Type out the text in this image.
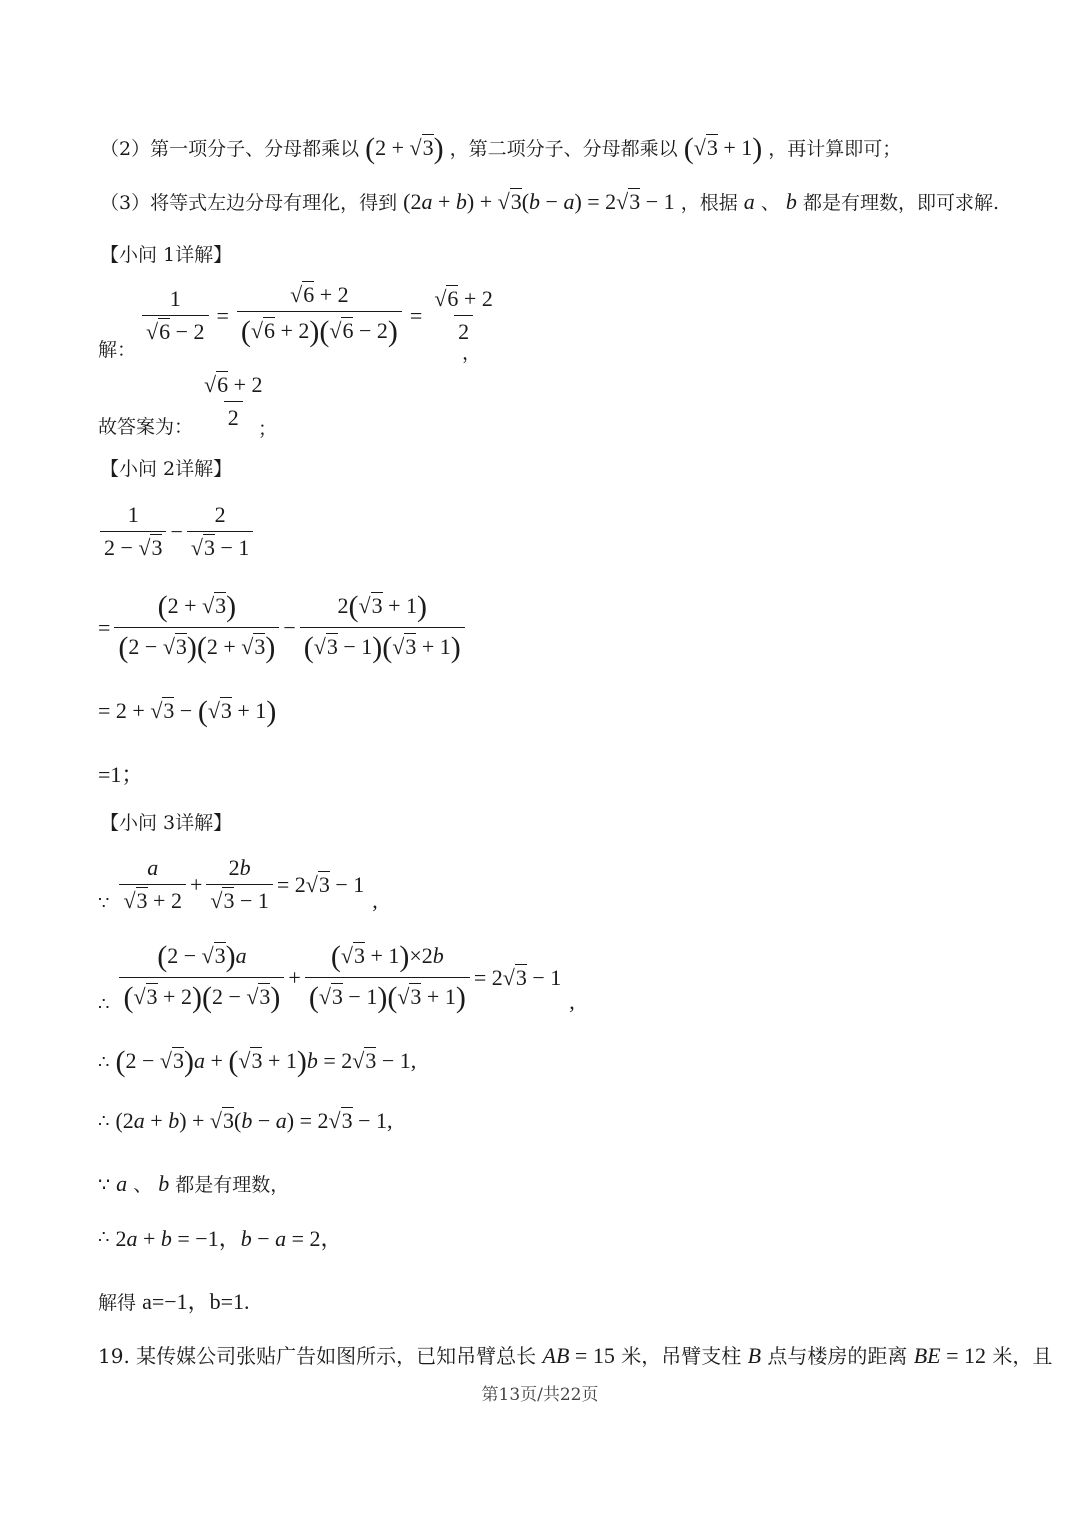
（2）第一项分子、分母都乘以 (2 + √3) ，第二项分子、分母都乘以 (√3 + 1) ，再计算即可；
（3）将等式左边分母有理化，得到 (2a + b) + √3(b − a) = 2√3 − 1 ，根据 a 、 b 都是有理数，即可求解.
【小问 1详解】
$\frac{1}{√6 - 2} = \frac{√6 + 2}{(√6 + 2)(√6 - 2)} = \frac{√6 + 2}{2}$
解：	，
$\frac{√6 + 2}{2}$
故答案为：	；
【小问 2详解】
$\frac{1}{2 - √3} - \frac{2}{√3 - 1}$
= $\frac{(2 + √3)}{(2 - √3)(2 + √3)} - \frac{2(√3 + 1)}{(√3 - 1)(√3 + 1)}$
= 2 + √3 − (√3 + 1)
=1；
【小问 3详解】
∵ $\frac{a}{√3 + 2} + \frac{2b}{√3 - 1} = 2√3 - 1$
,
∴ $\frac{(2 - √3)a}{(√3 + 2)(2 - √3)} + \frac{(√3 + 1)\times 2b}{(√3 - 1)(√3 + 1)} = 2√3 - 1$
,
∴ (2 − √3)a + (√3 + 1)b = 2√3 − 1,
∴ (2a + b) + √3(b − a) = 2√3 − 1,
∵ a 、 b 都是有理数，
∴ 2a + b = −1，b − a = 2，
解得 a=−1，b=1.
19. 某传媒公司张贴广告如图所示，已知吊臂总长 AB = 15 米，吊臂支柱 B 点与楼房的距离 BE = 12 米，且
第13页/共22页
